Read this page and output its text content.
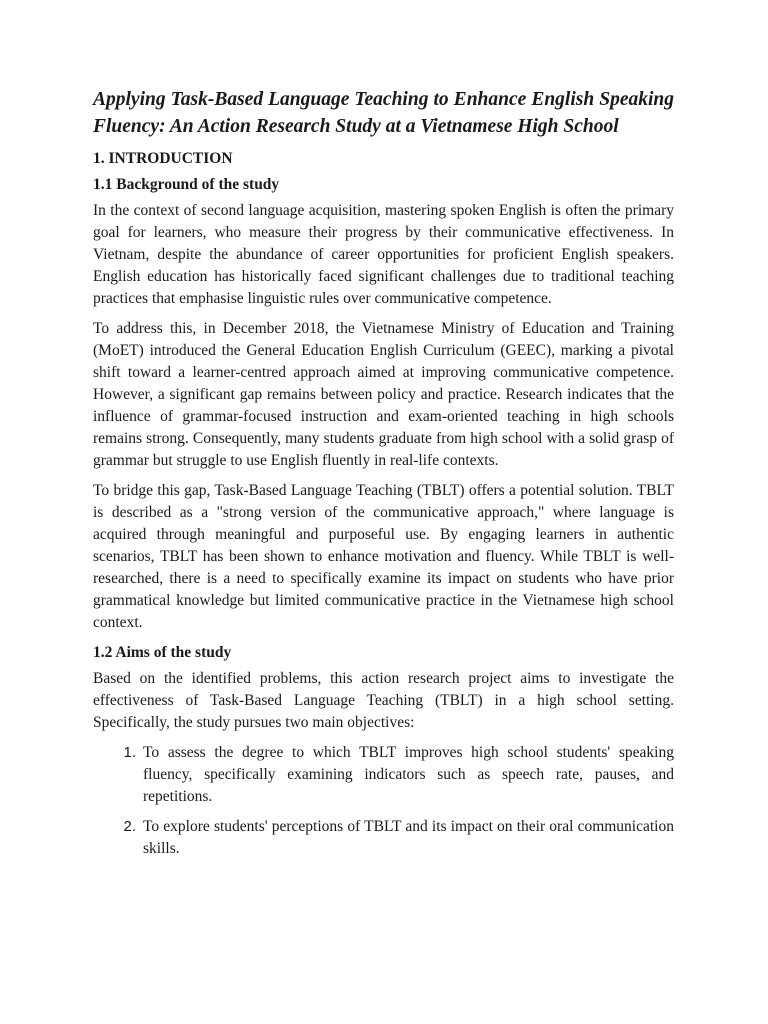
Applying Task-Based Language Teaching to Enhance English Speaking Fluency: An Action Research Study at a Vietnamese High School
1. INTRODUCTION
1.1 Background of the study

In the context of second language acquisition, mastering spoken English is often the primary goal for learners, who measure their progress by their communicative effectiveness. In Vietnam, despite the abundance of career opportunities for proficient English speakers. English education has historically faced significant challenges due to traditional teaching practices that emphasise linguistic rules over communicative competence.

To address this, in December 2018, the Vietnamese Ministry of Education and Training (MoET) introduced the General Education English Curriculum (GEEC), marking a pivotal shift toward a learner-centred approach aimed at improving communicative competence. However, a significant gap remains between policy and practice. Research indicates that the influence of grammar-focused instruction and exam-oriented teaching in high schools remains strong. Consequently, many students graduate from high school with a solid grasp of grammar but struggle to use English fluently in real-life contexts.

To bridge this gap, Task-Based Language Teaching (TBLT) offers a potential solution. TBLT is described as a "strong version of the communicative approach," where language is acquired through meaningful and purposeful use. By engaging learners in authentic scenarios, TBLT has been shown to enhance motivation and fluency. While TBLT is well-researched, there is a need to specifically examine its impact on students who have prior grammatical knowledge but limited communicative practice in the Vietnamese high school context.

1.2 Aims of the study

Based on the identified problems, this action research project aims to investigate the effectiveness of Task-Based Language Teaching (TBLT) in a high school setting. Specifically, the study pursues two main objectives:

1. To assess the degree to which TBLT improves high school students' speaking fluency, specifically examining indicators such as speech rate, pauses, and repetitions.
2. To explore students' perceptions of TBLT and its impact on their oral communication skills.
